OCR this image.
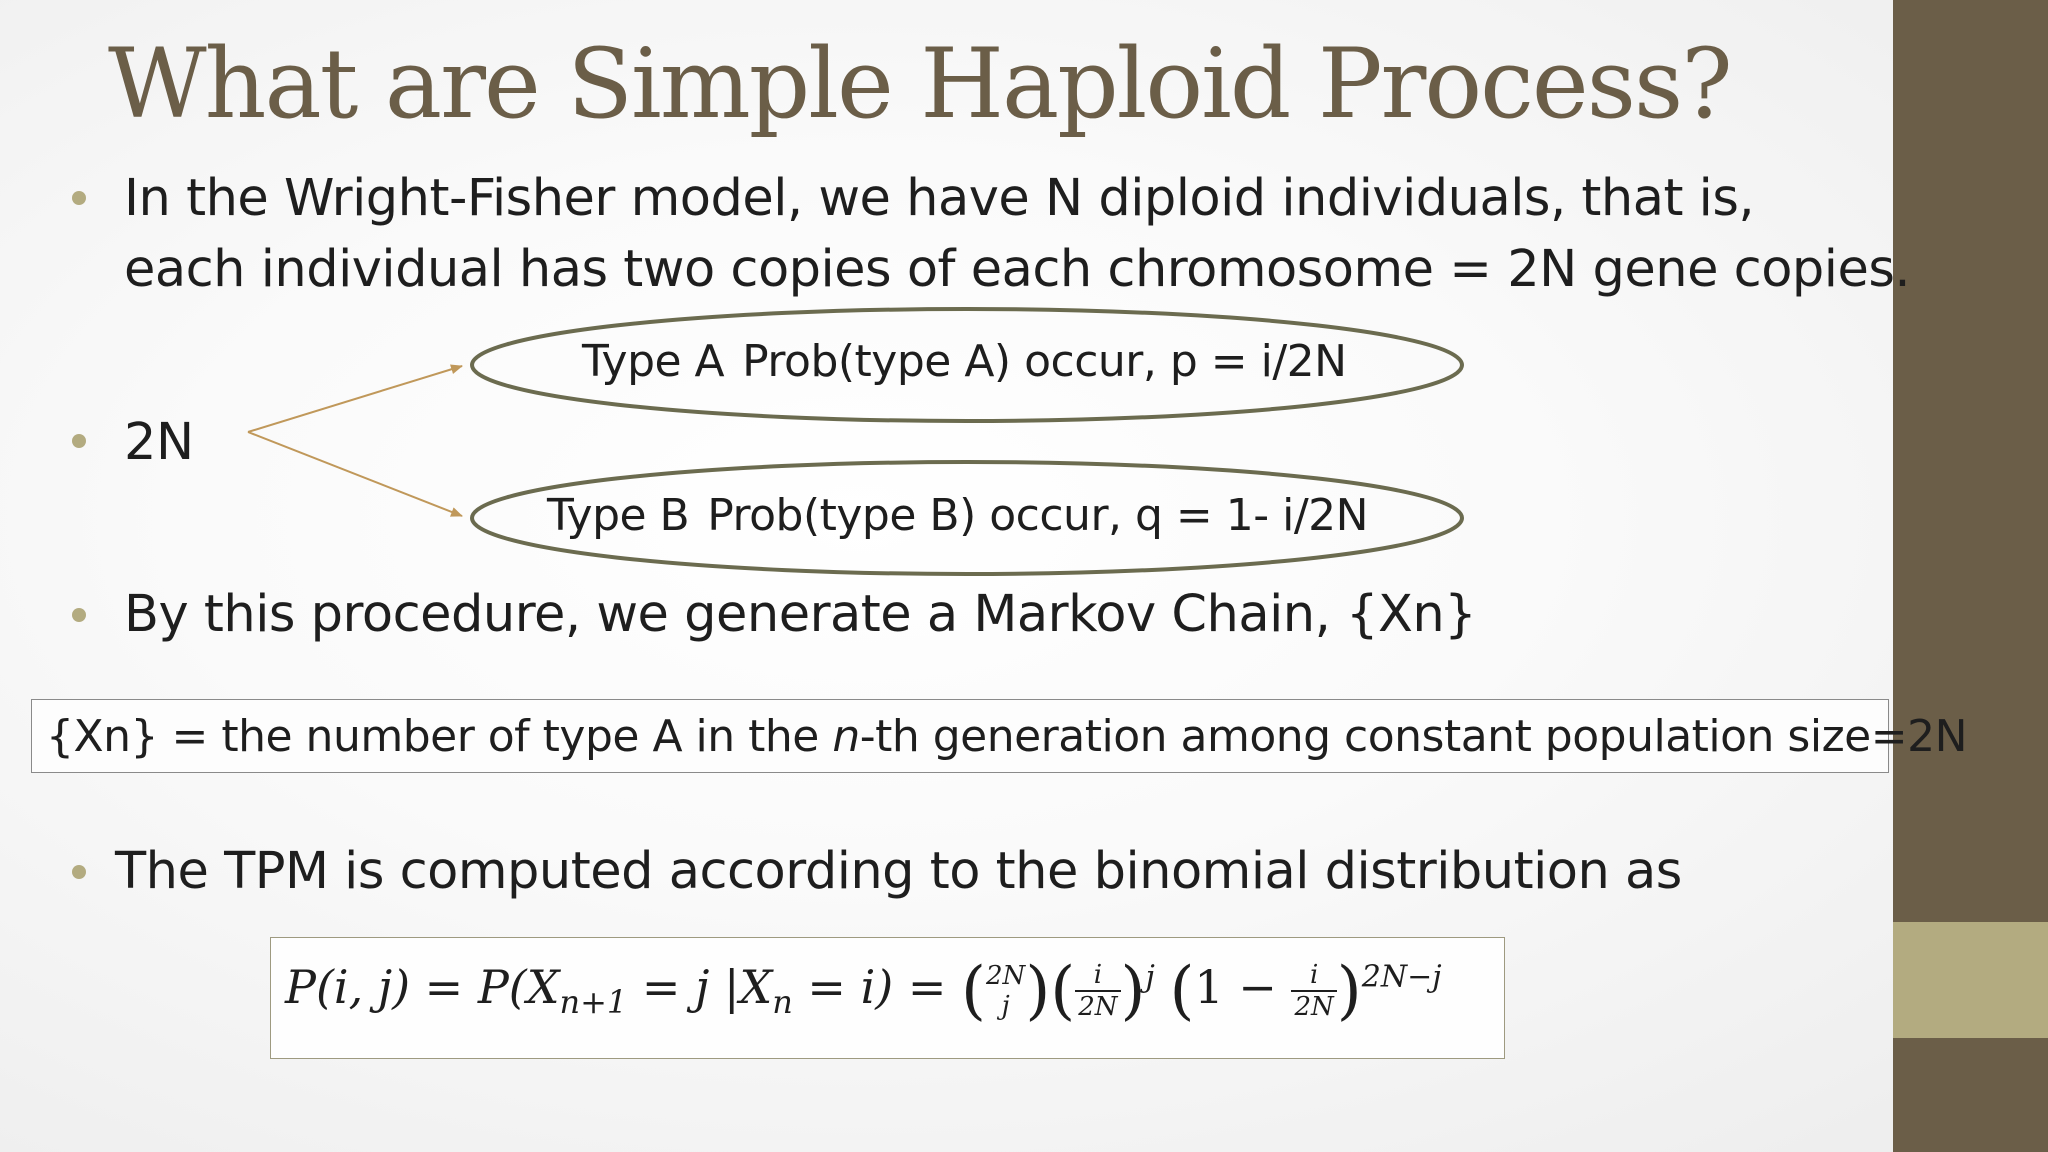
What are Simple Haploid Process?
In the Wright-Fisher model, we have N diploid individuals, that is,
each individual has two copies of each chromosome = 2N gene copies.
2N
Type A Prob(type A) occur, p = i/2N
Type B Prob(type B) occur, q = 1- i/2N
By this procedure, we generate a Markov Chain, {Xn}
{Xn} = the number of type A in the n-th generation among constant population size=2N
The TPM is computed according to the binomial distribution as
P(i, $j) = P(X_{n+1} = j$ $|X_n = i$) = ( 2N
j )( $\frac{i}{2N} )^j$ $(1 - \frac{i}{2N} )^{2N-j}$
